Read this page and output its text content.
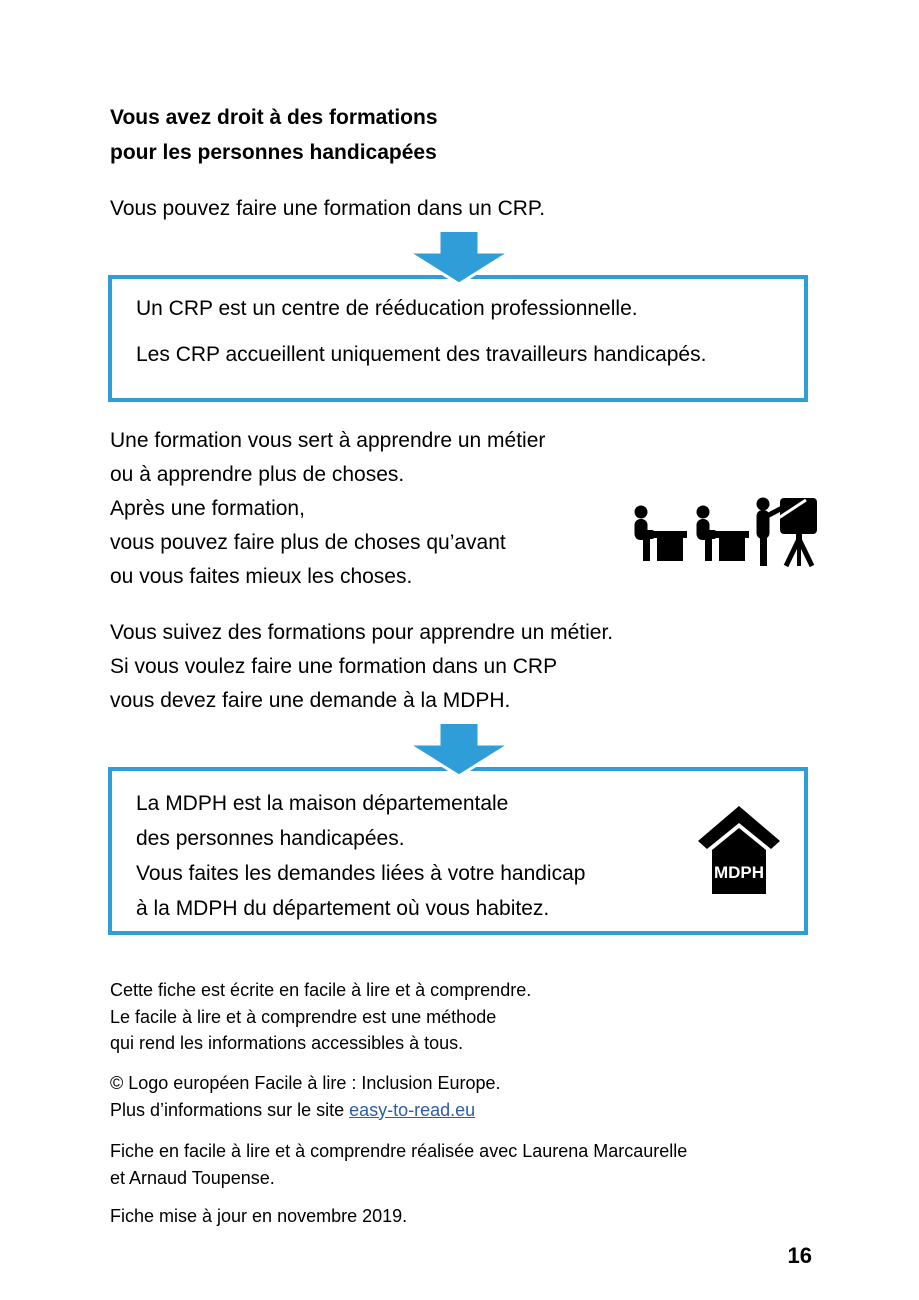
Vous avez droit à des formations
pour les personnes handicapées
Vous pouvez faire une formation dans un CRP.
Un CRP est un centre de rééducation professionnelle.
Les CRP accueillent uniquement des travailleurs handicapés.
Une formation vous sert à apprendre un métier
ou à apprendre plus de choses.
Après une formation,
vous pouvez faire plus de choses qu’avant
ou vous faites mieux les choses.
Vous suivez des formations pour apprendre un métier.
Si vous voulez faire une formation dans un CRP
vous devez faire une demande à la MDPH.
La MDPH est la maison départementale
des personnes handicapées.
Vous faites les demandes liées à votre handicap
à la MDPH du département où vous habitez.
MDPH
Cette fiche est écrite en facile à lire et à comprendre.
Le facile à lire et à comprendre est une méthode
qui rend les informations accessibles à tous.
© Logo européen Facile à lire : Inclusion Europe.
Plus d’informations sur le site easy-to-read.eu
Fiche en facile à lire et à comprendre réalisée avec Laurena Marcaurelle
et Arnaud Toupense.
Fiche mise à jour en novembre 2019.
16
